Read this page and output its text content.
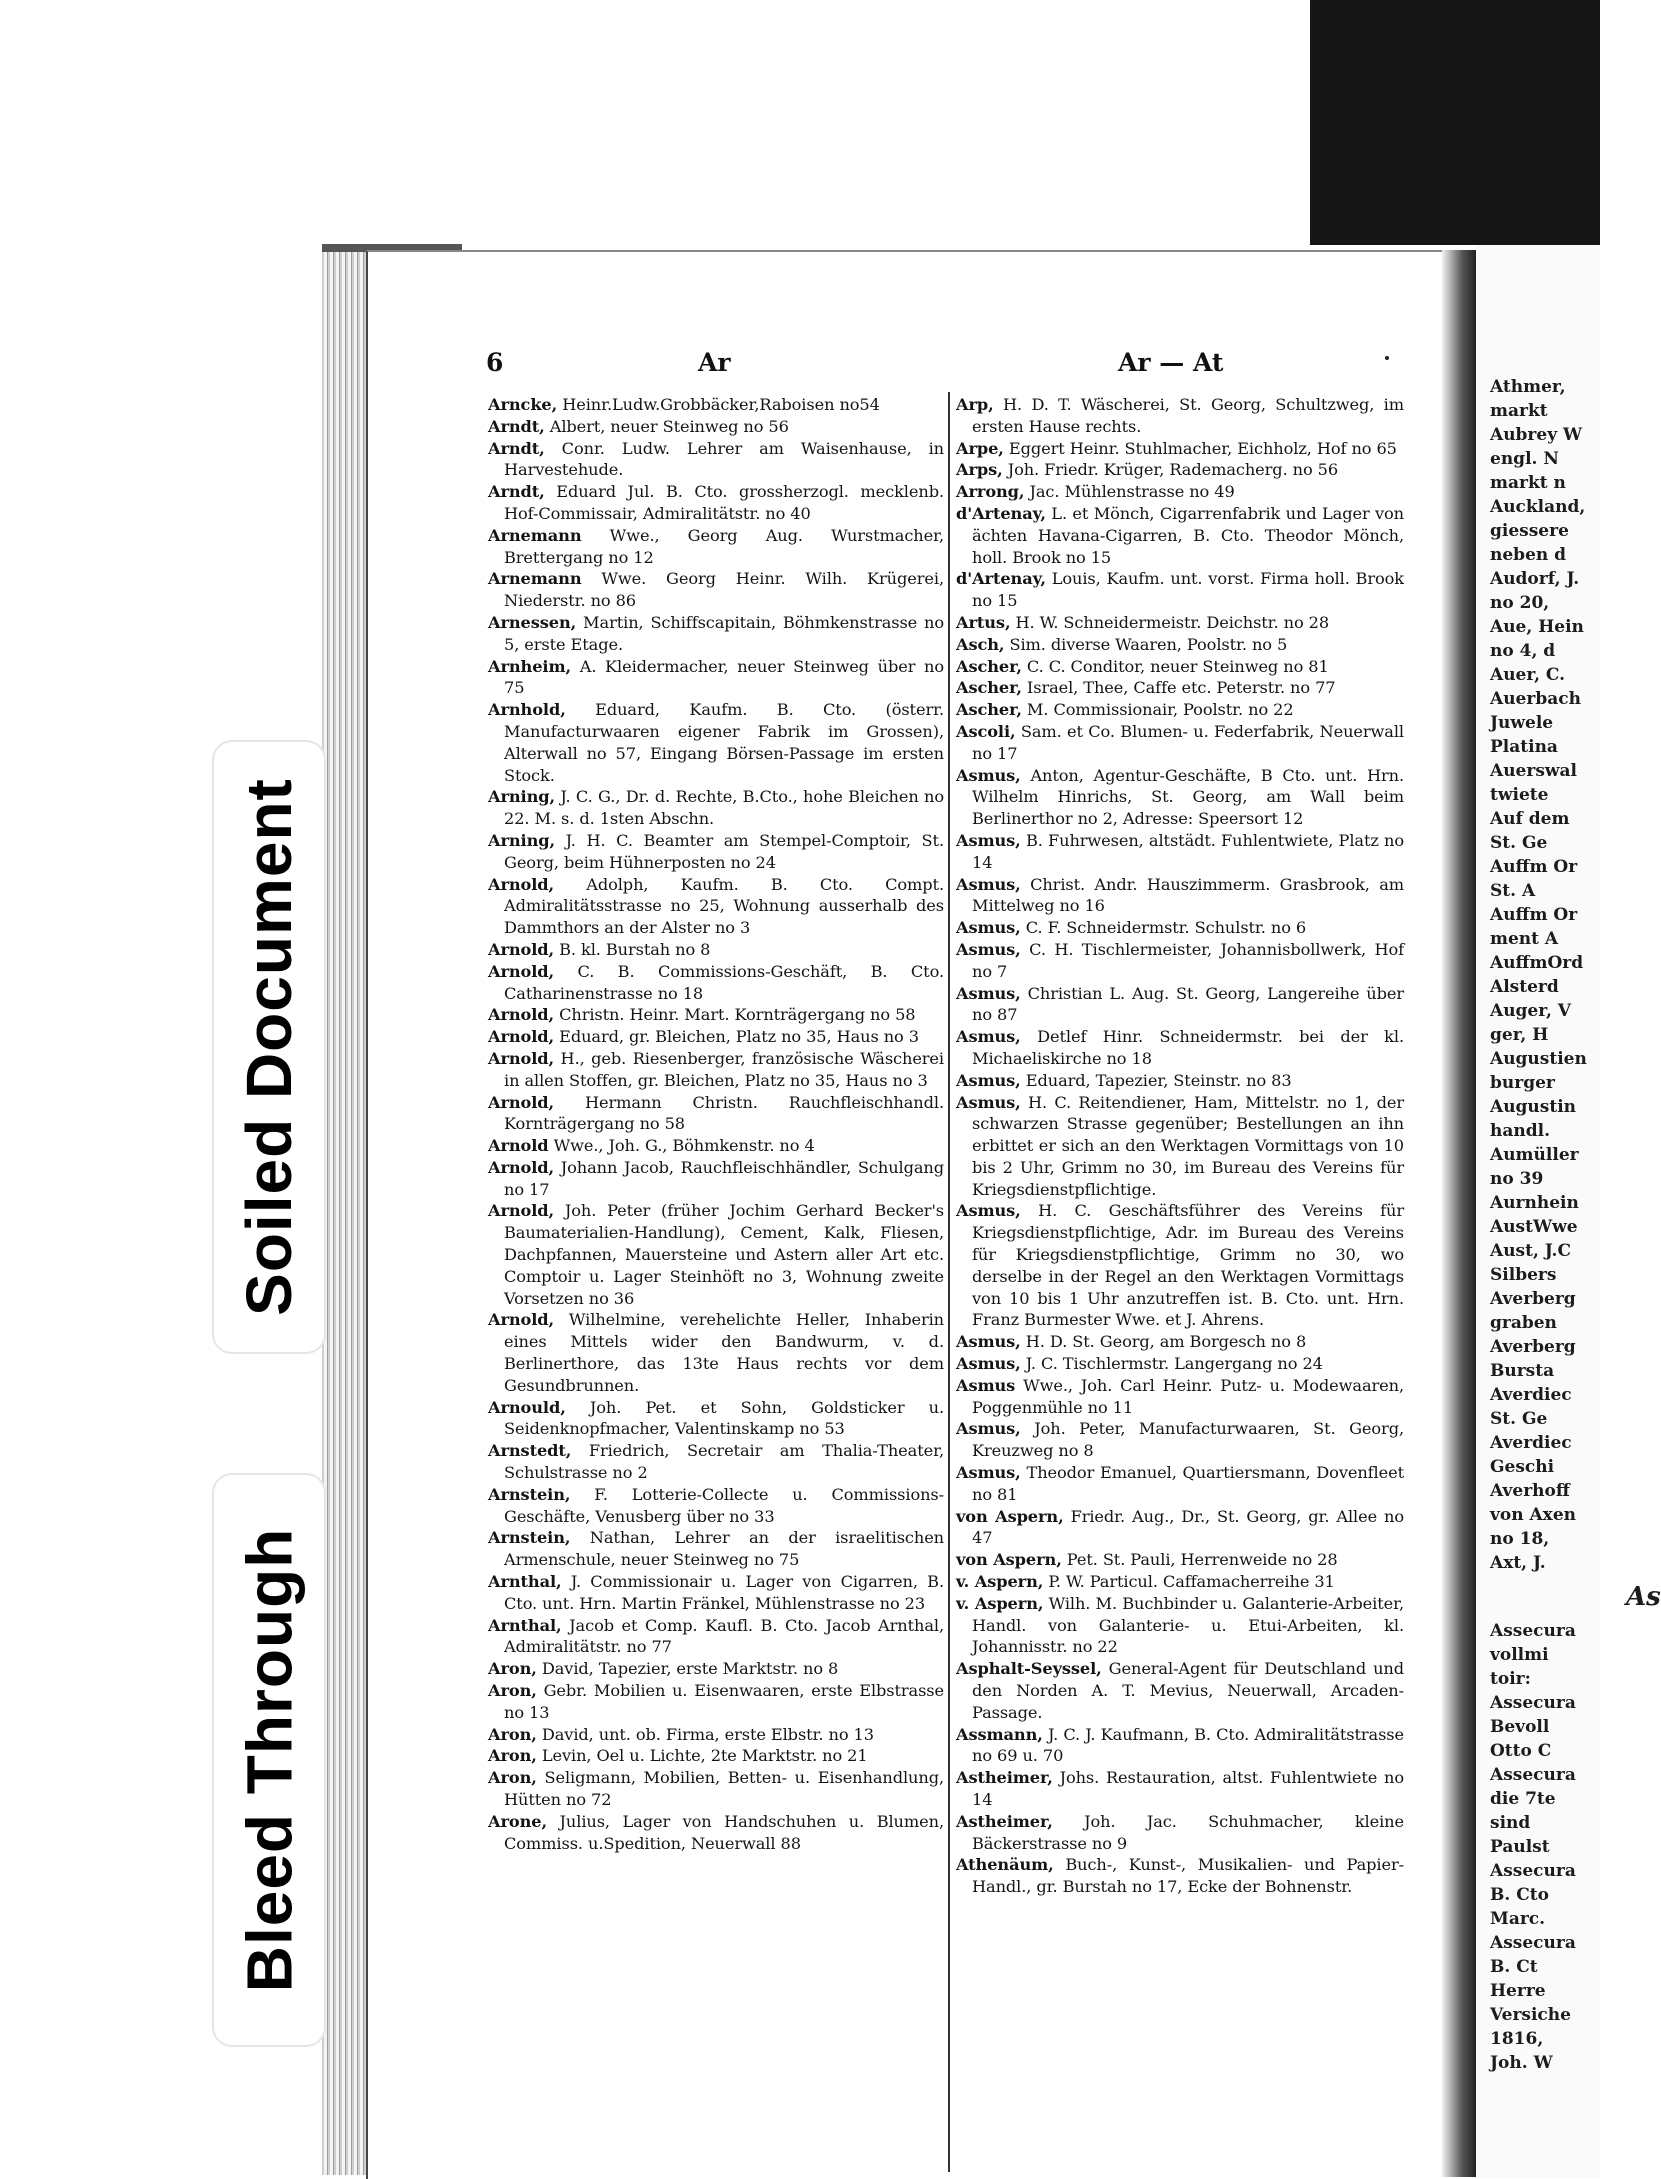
Athmer,
markt
Aubrey W
engl. N
markt n
Auckland,
giessere
neben d
Audorf, J.
no 20,
Aue, Hein
no 4, d
Auer, C.
Auerbach
Juwele
Platina
Auerswal
twiete
Auf dem
St. Ge
Auffm Or
St. A
Auffm Or
ment A
AuffmOrd
Alsterd
Auger, V
ger, H
Augustien
burger
Augustin
handl.
Aumüller
no 39
Aurnhein
AustWwe
Aust, J.C
Silbers
Averberg
graben
Averberg
Bursta
Averdiec
St. Ge
Averdiec
Geschi
Averhoff
von Axen
no 18,
Axt, J.
As
Assecura
vollmi
toir:
Assecura
Bevoll
Otto C
Assecura
die 7te
sind
Paulst
Assecura
B. Cto
Marc.
Assecura
B. Ct
Herre
Versiche
1816,
Joh. W
Soiled Document
Bleed Through
6	Ar	Ar — At

Arncke, Heinr.Ludw.Grobbäcker,Raboisen no54

Arndt, Albert, neuer Steinweg no 56

Arndt, Conr. Ludw. Lehrer am Waisenhause, in Harvestehude.

Arndt, Eduard Jul. B. Cto. grossherzogl. mecklenb. Hof-Commissair, Admiralitätstr. no 40

Arnemann Wwe., Georg Aug. Wurstmacher, Brettergang no 12

Arnemann Wwe. Georg Heinr. Wilh. Krügerei, Niederstr. no 86

Arnessen, Martin, Schiffscapitain, Böhmkenstrasse no 5, erste Etage.

Arnheim, A. Kleidermacher, neuer Steinweg über no 75

Arnhold, Eduard, Kaufm. B. Cto. (österr. Manufacturwaaren eigener Fabrik im Grossen), Alterwall no 57, Eingang Börsen-Passage im ersten Stock.

Arning, J. C. G., Dr. d. Rechte, B.Cto., hohe Bleichen no 22. M. s. d. 1sten Abschn.

Arning, J. H. C. Beamter am Stempel-Comptoir, St. Georg, beim Hühnerposten no 24

Arnold, Adolph, Kaufm. B. Cto. Compt. Admiralitätsstrasse no 25, Wohnung ausserhalb des Dammthors an der Alster no 3

Arnold, B. kl. Burstah no 8

Arnold, C. B. Commissions-Geschäft, B. Cto. Catharinenstrasse no 18

Arnold, Christn. Heinr. Mart. Kornträgergang no 58

Arnold, Eduard, gr. Bleichen, Platz no 35, Haus no 3

Arnold, H., geb. Riesenberger, französische Wäscherei in allen Stoffen, gr. Bleichen, Platz no 35, Haus no 3

Arnold, Hermann Christn. Rauchfleischhandl. Kornträgergang no 58

Arnold Wwe., Joh. G., Böhmkenstr. no 4

Arnold, Johann Jacob, Rauchfleischhändler, Schulgang no 17

Arnold, Joh. Peter (früher Jochim Gerhard Becker's Baumaterialien-Handlung), Cement, Kalk, Fliesen, Dachpfannen, Mauersteine und Astern aller Art etc. Comptoir u. Lager Steinhöft no 3, Wohnung zweite Vorsetzen no 36

Arnold, Wilhelmine, verehelichte Heller, Inhaberin eines Mittels wider den Bandwurm, v. d. Berlinerthore, das 13te Haus rechts vor dem Gesundbrunnen.

Arnould, Joh. Pet. et Sohn, Goldsticker u. Seidenknopfmacher, Valentinskamp no 53

Arnstedt, Friedrich, Secretair am Thalia-Theater, Schulstrasse no 2

Arnstein, F. Lotterie-Collecte u. Commissions-Geschäfte, Venusberg über no 33

Arnstein, Nathan, Lehrer an der israelitischen Armenschule, neuer Steinweg no 75

Arnthal, J. Commissionair u. Lager von Cigarren, B. Cto. unt. Hrn. Martin Fränkel, Mühlenstrasse no 23

Arnthal, Jacob et Comp. Kaufl. B. Cto. Jacob Arnthal, Admiralitätstr. no 77

Aron, David, Tapezier, erste Marktstr. no 8

Aron, Gebr. Mobilien u. Eisenwaaren, erste Elbstrasse no 13

Aron, David, unt. ob. Firma, erste Elbstr. no 13

Aron, Levin, Oel u. Lichte, 2te Marktstr. no 21

Aron, Seligmann, Mobilien, Betten- u. Eisenhandlung, Hütten no 72

Arone, Julius, Lager von Handschuhen u. Blumen, Commiss. u.Spedition, Neuerwall 88

Arp, H. D. T. Wäscherei, St. Georg, Schultzweg, im ersten Hause rechts.

Arpe, Eggert Heinr. Stuhlmacher, Eichholz, Hof no 65

Arps, Joh. Friedr. Krüger, Rademacherg. no 56

Arrong, Jac. Mühlenstrasse no 49

d'Artenay, L. et Mönch, Cigarrenfabrik und Lager von ächten Havana-Cigarren, B. Cto. Theodor Mönch, holl. Brook no 15

d'Artenay, Louis, Kaufm. unt. vorst. Firma holl. Brook no 15

Artus, H. W. Schneidermeistr. Deichstr. no 28

Asch, Sim. diverse Waaren, Poolstr. no 5

Ascher, C. C. Conditor, neuer Steinweg no 81

Ascher, Israel, Thee, Caffe etc. Peterstr. no 77

Ascher, M. Commissionair, Poolstr. no 22

Ascoli, Sam. et Co. Blumen- u. Federfabrik, Neuerwall no 17

Asmus, Anton, Agentur-Geschäfte, B Cto. unt. Hrn. Wilhelm Hinrichs, St. Georg, am Wall beim Berlinerthor no 2, Adresse: Speersort 12

Asmus, B. Fuhrwesen, altstädt. Fuhlentwiete, Platz no 14

Asmus, Christ. Andr. Hauszimmerm. Grasbrook, am Mittelweg no 16

Asmus, C. F. Schneidermstr. Schulstr. no 6

Asmus, C. H. Tischlermeister, Johannisbollwerk, Hof no 7

Asmus, Christian L. Aug. St. Georg, Langereihe über no 87

Asmus, Detlef Hinr. Schneidermstr. bei der kl. Michaeliskirche no 18

Asmus, Eduard, Tapezier, Steinstr. no 83

Asmus, H. C. Reitendiener, Ham, Mittelstr. no 1, der schwarzen Strasse gegenüber; Bestellungen an ihn erbittet er sich an den Werktagen Vormittags von 10 bis 2 Uhr, Grimm no 30, im Bureau des Vereins für Kriegsdienstpflichtige.

Asmus, H. C. Geschäftsführer des Vereins für Kriegsdienstpflichtige, Adr. im Bureau des Vereins für Kriegsdienstpflichtige, Grimm no 30, wo derselbe in der Regel an den Werktagen Vormittags von 10 bis 1 Uhr anzutreffen ist. B. Cto. unt. Hrn. Franz Burmester Wwe. et J. Ahrens.

Asmus, H. D. St. Georg, am Borgesch no 8

Asmus, J. C. Tischlermstr. Langergang no 24

Asmus Wwe., Joh. Carl Heinr. Putz- u. Modewaaren, Poggenmühle no 11

Asmus, Joh. Peter, Manufacturwaaren, St. Georg, Kreuzweg no 8

Asmus, Theodor Emanuel, Quartiersmann, Dovenfleet no 81

von Aspern, Friedr. Aug., Dr., St. Georg, gr. Allee no 47

von Aspern, Pet. St. Pauli, Herrenweide no 28

v. Aspern, P. W. Particul. Caffamacherreihe 31

v. Aspern, Wilh. M. Buchbinder u. Galanterie-Arbeiter, Handl. von Galanterie- u. Etui-Arbeiten, kl. Johannisstr. no 22

Asphalt-Seyssel, General-Agent für Deutschland und den Norden A. T. Mevius, Neuerwall, Arcaden-Passage.

Assmann, J. C. J. Kaufmann, B. Cto. Admiralitätstrasse no 69 u. 70

Astheimer, Johs. Restauration, altst. Fuhlentwiete no 14

Astheimer, Joh. Jac. Schuhmacher, kleine Bäckerstrasse no 9

Athenäum, Buch-, Kunst-, Musikalien- und Papier-Handl., gr. Burstah no 17, Ecke der Bohnenstr.
